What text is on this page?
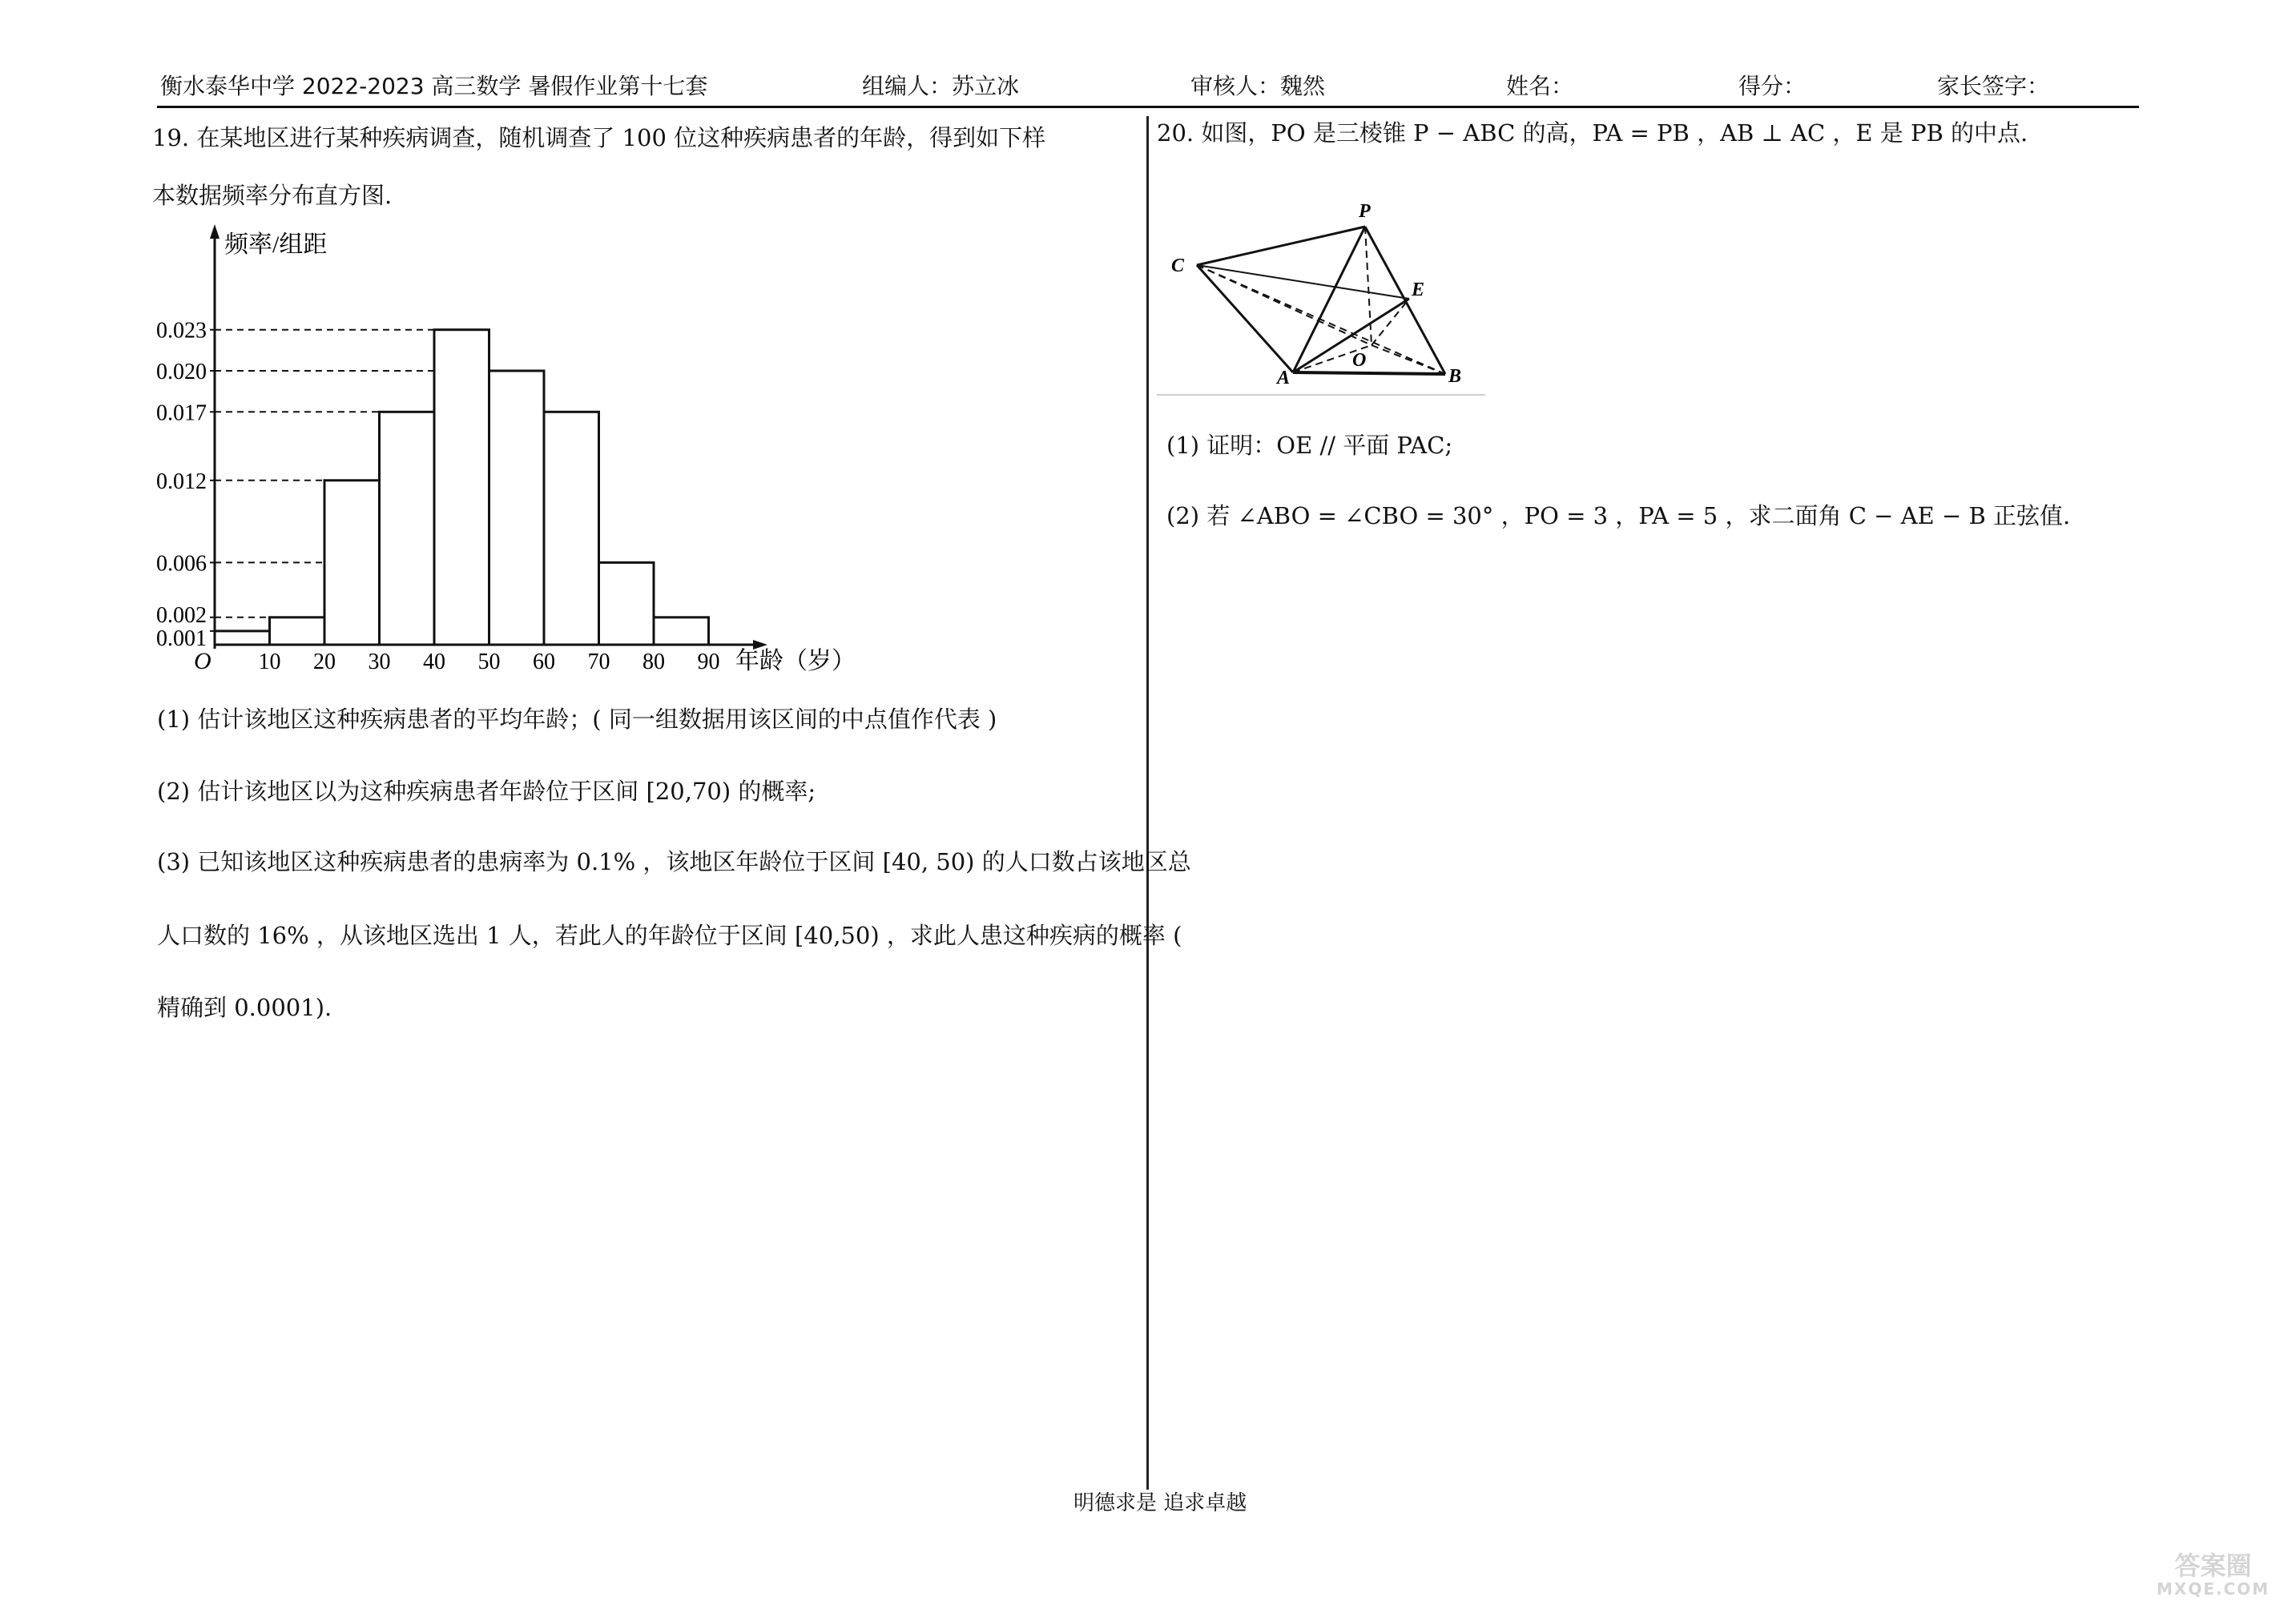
衡水泰华中学 2022-2023 高三数学 暑假作业第十七套	组编人：苏立冰	审核人：魏然	姓名：	得分：	家长签字：
19. 在某地区进行某种疾病调查，随机调查了 100 位这种疾病患者的年龄，得到如下样
本数据频率分布直方图.
频率/组距
年龄（岁）
O
0.001
0.002
0.006
0.012
0.017
0.020
0.023
10 20 30 40 50 60 70 80 90
(1) 估计该地区这种疾病患者的平均年龄；( 同一组数据用该区间的中点值作代表 )
(2) 估计该地区以为这种疾病患者年龄位于区间 [20,70) 的概率;
(3) 已知该地区这种疾病患者的患病率为 0.1% ，该地区年龄位于区间 [40, 50) 的人口数占该地区总
人口数的 16% ，从该地区选出 1 人，若此人的年龄位于区间 [40,50) ，求此人患这种疾病的概率 (
精确到 0.0001).
20. 如图，PO 是三棱锥 P − ABC 的高，PA = PB ，AB ⊥ AC ，E 是 PB 的中点.
P
C
E
O
A	B
(1) 证明：OE // 平面 PAC;
(2) 若 ∠ABO = ∠CBO = 30° ，PO = 3 ，PA = 5 ，求二面角 C − AE − B 正弦值.
明德求是 追求卓越
答案圈
MXQE.COM
